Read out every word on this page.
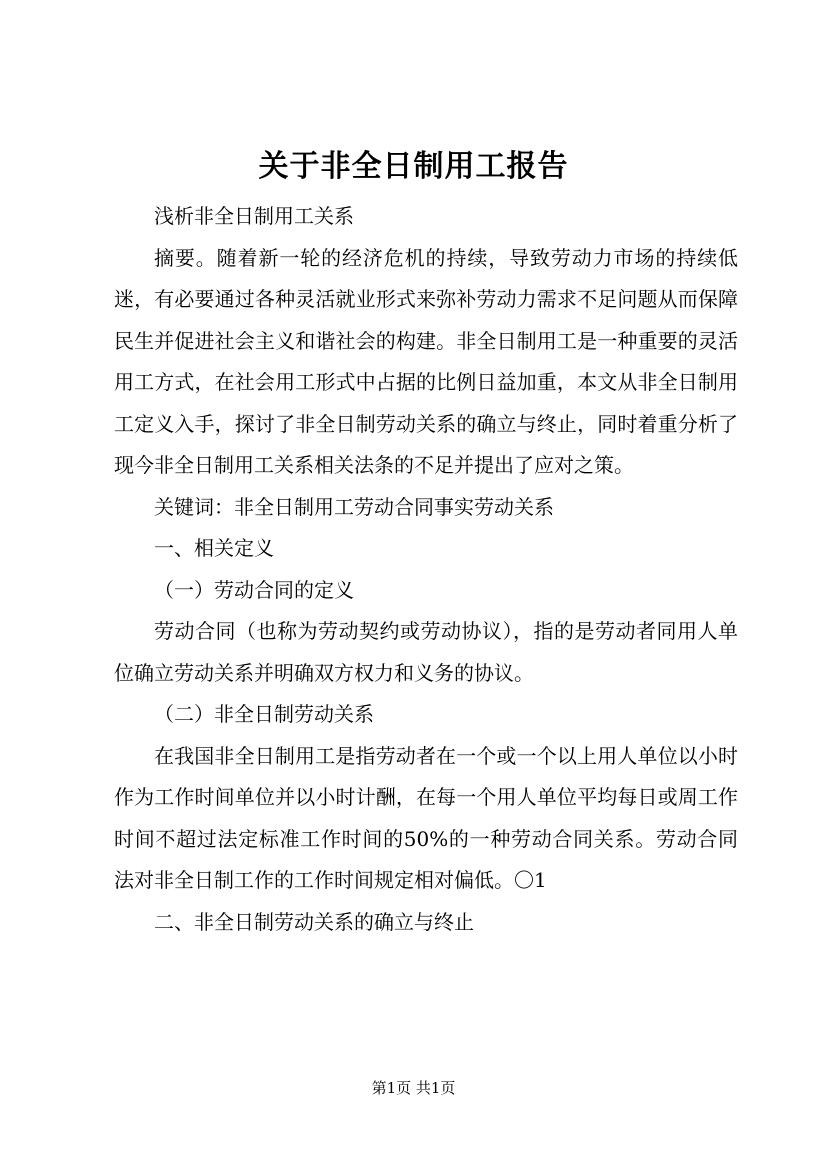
关于非全日制用工报告

浅析非全日制用工关系

摘要。随着新一轮的经济危机的持续，导致劳动力市场的持续低迷，有必要通过各种灵活就业形式来弥补劳动力需求不足问题从而保障民生并促进社会主义和谐社会的构建。非全日制用工是一种重要的灵活用工方式，在社会用工形式中占据的比例日益加重，本文从非全日制用工定义入手，探讨了非全日制劳动关系的确立与终止，同时着重分析了现今非全日制用工关系相关法条的不足并提出了应对之策。

关键词：非全日制用工劳动合同事实劳动关系

一、相关定义

（一）劳动合同的定义

劳动合同（也称为劳动契约或劳动协议），指的是劳动者同用人单位确立劳动关系并明确双方权力和义务的协议。

（二）非全日制劳动关系

在我国非全日制用工是指劳动者在一个或一个以上用人单位以小时作为工作时间单位并以小时计酬，在每一个用人单位平均每日或周工作时间不超过法定标准工作时间的50%的一种劳动合同关系。劳动合同法对非全日制工作的工作时间规定相对偏低。〇1

二、非全日制劳动关系的确立与终止

第1页 共1页
